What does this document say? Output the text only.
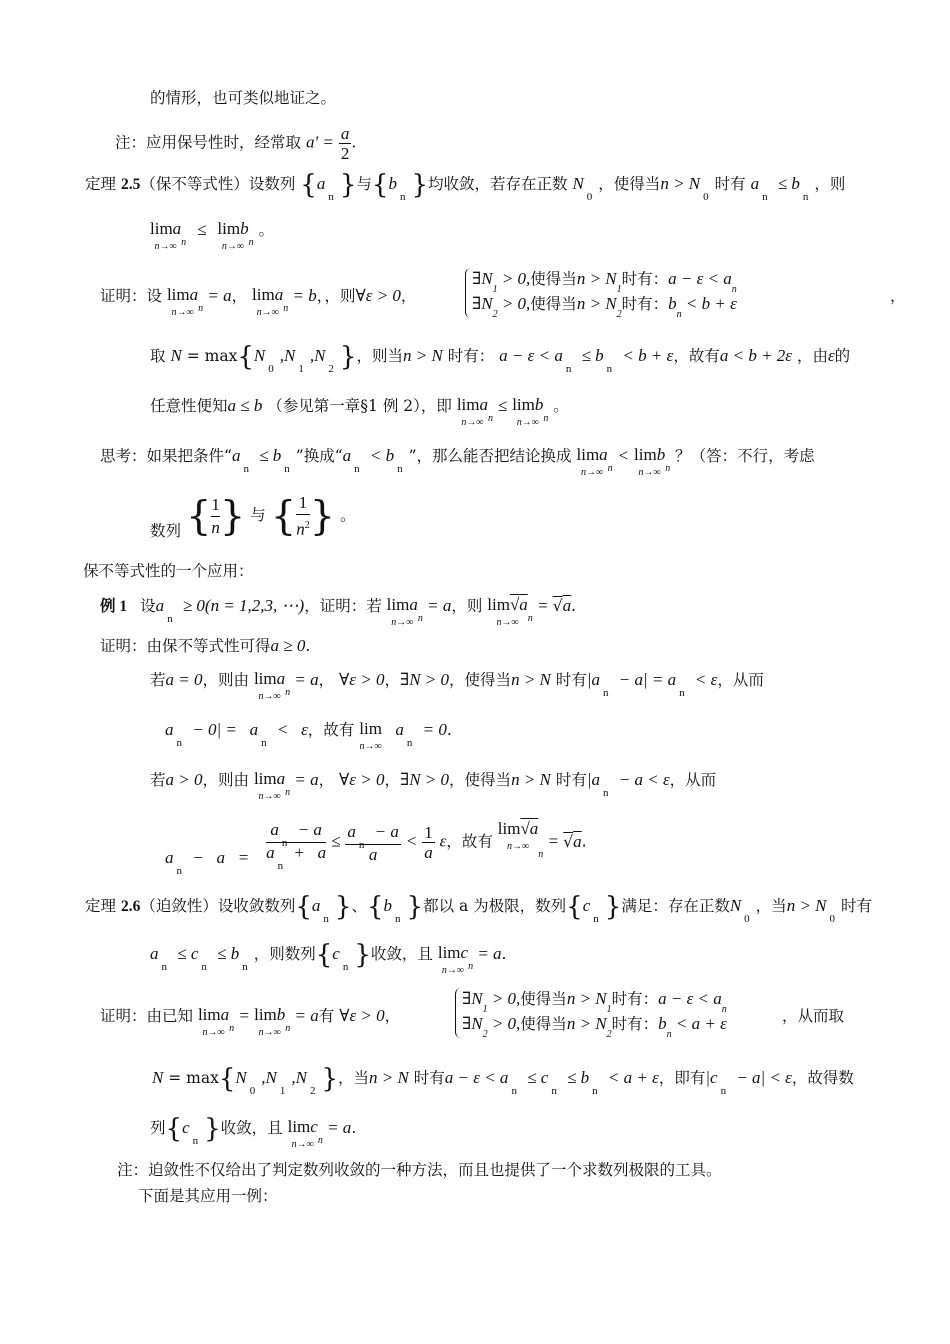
的情形，也可类似地证之。
注：应用保号性时，经常取 $a' = \frac{a}{2}$ .
定理 2.5（保不等式性）设数列 {$a_n$ }与{$b_n$ }均收敛，若存在正数 $N_0$，使得当$n > N_0$时有 $a_n \le b_n$，则
lima
n→∞ $_n$ ≤ limb
n→∞ $_n$ 。
证明：设 lima
n→∞ $_n$ = a， lima
n→∞ $_n$ = b，，则∀ε > 0，
$\exists N_1 > 0$,使得当$n > N_1$时有：$a - \varepsilon < a_n$
$\exists N_2 > 0$,使得当$n > N_2$时有：$b_n < b + \varepsilon$	，
取 $N = \max\{N_0,N_1,N_2$ }，则当n > N 时有： $a - \varepsilon < a_n \le b_n < b + \varepsilon$，故有a < b + 2ε ，由ε的
任意性便知a ≤ b （参见第一章§1 例 2），即 lima
n→∞ $_n$ ≤ limb
n→∞ $_n$ 。
思考：如果把条件“$a_n \le b_n$”换成“$a_n < b_n$”，那么能否把结论换成 lima
n→∞ $_n$ < limb
n→∞ $_n$ ？（答：不行，考虑
数列 { $\frac{1}{n}$ } 与 { $\frac{1}{n^2}$ } 。
保不等式性的一个应用：
例 1 设$a_n \ge 0(n = 1,2,3$, ⋯)，证明：若 lima
n→∞ $_n$ = a，则 lim√a
n→∞ $_n$ = √a.
证明：由保不等式性可得a ≥ 0.
若a = 0，则由 lima
n→∞ $_n$ = a， ∀ε > 0，∃N > 0，使得当n > N 时有$|a_n - a| = a_n < \varepsilon$，从而
$a_n - 0| = a_n < \varepsilon$，故有 lim
n→∞
$a_n = 0$.
若a > 0，则由 lima
n→∞ $_n$ = a， ∀ε > 0，∃N > 0，使得当n > N 时有$|a_n - a < \varepsilon$，从而
$a_n - a = \frac{a_n - a}{a_n + a} \le \frac{a_n - a}{a} < \frac{1}{a}$ ε，故有
lim√a
n→∞
$_n$ = √a.
定理 2.6（迫敛性）设收敛数列{$a_n$ }、{$b_n$ }都以 a 为极限，数列{$c_n$ }满足：存在正数$N_0$，当$n > N_0$时有
$a_n \le c_n \le b_n$，则数列{$c_n$ }收敛，且 limc
n→∞ $_n$ = a.
证明：由已知 lima
n→∞ $_n$ = limb
n→∞ $_n$ = a有 ∀ε > 0，
$\exists N_1 > 0$,使得当$n > N_1$时有：$a - \varepsilon < a_n$
$\exists N_2 > 0$,使得当$n > N_2$时有：$b_n < a + \varepsilon$	，从而取
$N = \max\{N_0,N_1,N_2$ }，当n > N 时有$a - \varepsilon < a_n \le c_n \le b_n < a + \varepsilon$，即有$|c_n - a| < \varepsilon$，故得数
列{$c_n$ }收敛，且 limc
n→∞ $_n$ = a.
注：迫敛性不仅给出了判定数列收敛的一种方法，而且也提供了一个求数列极限的工具。
下面是其应用一例：
